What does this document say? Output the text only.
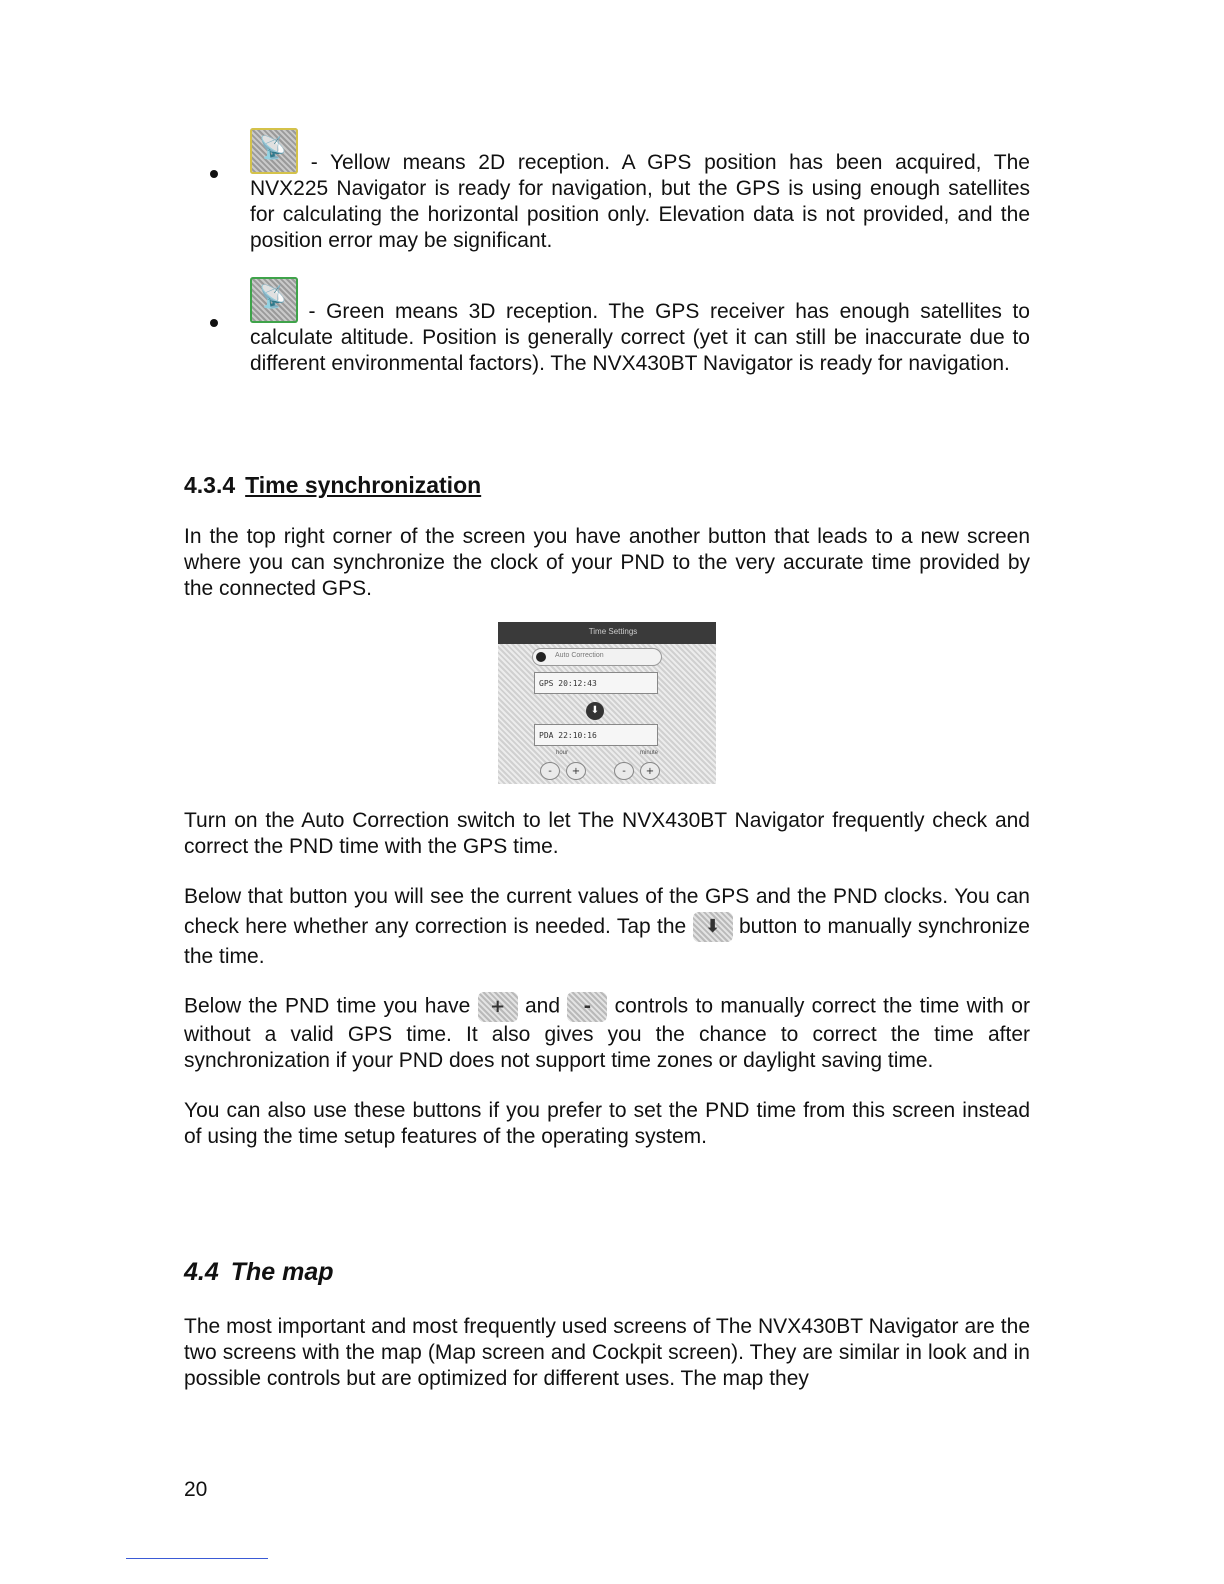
📡 - Yellow means 2D reception. A GPS position has been acquired, The NVX225 Navigator is ready for navigation, but the GPS is using enough satellites for calculating the horizontal position only. Elevation data is not provided, and the position error may be significant.
📡 - Green means 3D reception. The GPS receiver has enough satellites to calculate altitude. Position is generally correct (yet it can still be inaccurate due to different environmental factors). The NVX430BT Navigator is ready for navigation.
4.3.4 Time synchronization

In the top right corner of the screen you have another button that leads to a new screen where you can synchronize the clock of your PND to the very accurate time provided by the connected GPS.

Time Settings
Auto Correction
GPS 20:12:43
⬇
PDA 22:10:16
hour	minute
-	+	-	+

Turn on the Auto Correction switch to let The NVX430BT Navigator frequently check and correct the PND time with the GPS time.

Below that button you will see the current values of the GPS and the PND clocks. You can check here whether any correction is needed. Tap the ⬇ button to manually synchronize the time.

Below the PND time you have + and - controls to manually correct the time with or without a valid GPS time. It also gives you the chance to correct the time after synchronization if your PND does not support time zones or daylight saving time.

You can also use these buttons if you prefer to set the PND time from this screen instead of using the time setup features of the operating system.

4.4 The map

The most important and most frequently used screens of The NVX430BT Navigator are the two screens with the map (Map screen and Cockpit screen). They are similar in look and in possible controls but are optimized for different uses. The map they

20
